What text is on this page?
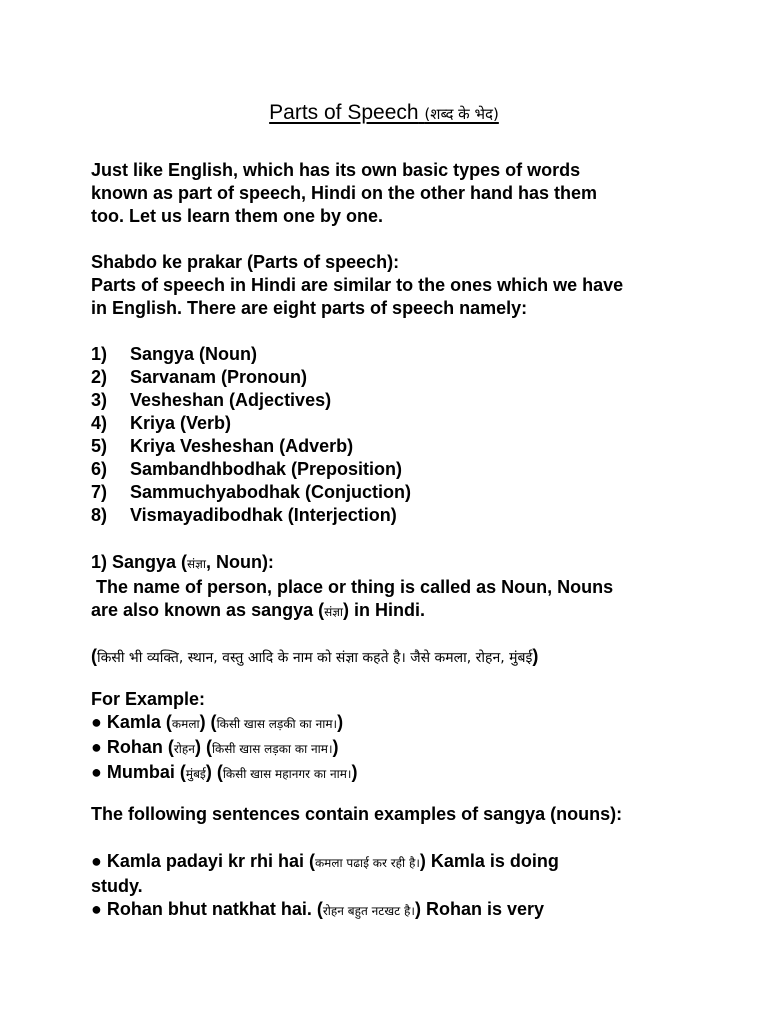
Parts of Speech (शब्द के भेद)
Just like English, which has its own basic types of words
known as part of speech, Hindi on the other hand has them
too. Let us learn them one by one.
Shabdo ke prakar (Parts of speech):
Parts of speech in Hindi are similar to the ones which we have
in English. There are eight parts of speech namely:
1) Sangya (Noun)
2) Sarvanam (Pronoun)
3) Vesheshan (Adjectives)
4) Kriya (Verb)
5) Kriya Vesheshan (Adverb)
6) Sambandhbodhak (Preposition)
7) Sammuchyabodhak (Conjuction)
8) Vismayadibodhak (Interjection)
1) Sangya (संज्ञा, Noun):
The name of person, place or thing is called as Noun, Nouns
are also known as sangya (संज्ञा) in Hindi.
(किसी भी व्यक्ति, स्थान, वस्तु आदि के नाम को संज्ञा कहते है। जैसे कमला, रोहन, मुंबई)
For Example:
● Kamla (कमला) (किसी खास लड़की का नाम।)
● Rohan (रोहन) (किसी खास लड़का का नाम।)
● Mumbai (मुंबई) (किसी खास महानगर का नाम।)
The following sentences contain examples of sangya (nouns):
● Kamla padayi kr rhi hai (कमला पढाई कर रही है।) Kamla is doing
study.
● Rohan bhut natkhat hai. (रोहन बहुत नटखट है।) Rohan is very
